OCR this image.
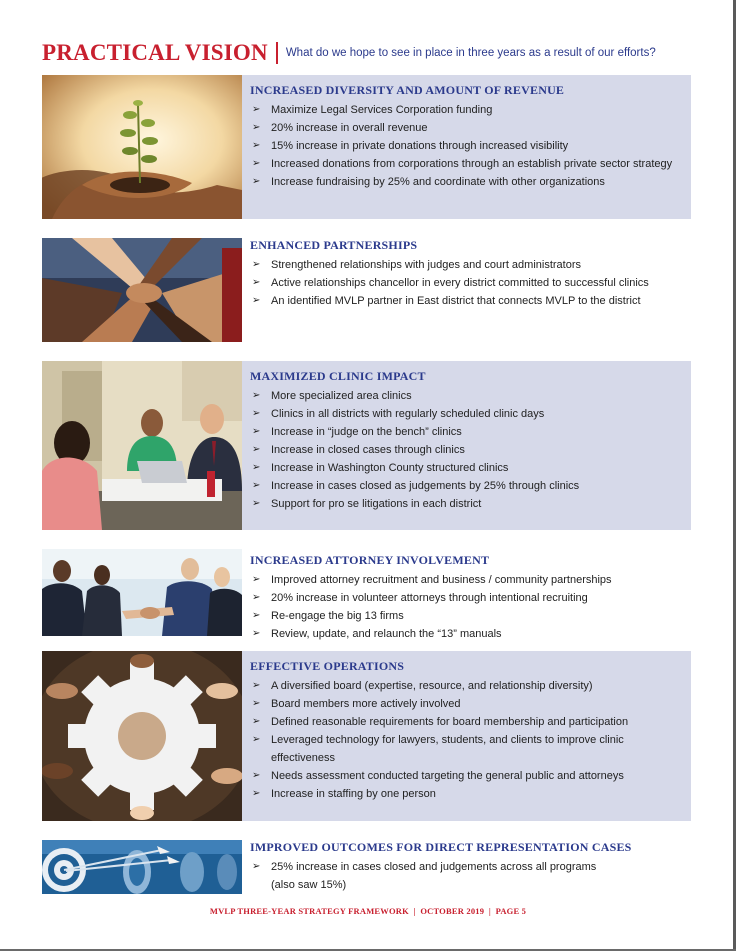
PRACTICAL VISION What do we hope to see in place in three years as a result of our efforts?
INCREASED DIVERSITY AND AMOUNT OF REVENUE
➢ Maximize Legal Services Corporation funding
➢ 20% increase in overall revenue
➢ 15% increase in private donations through increased visibility
➢ Increased donations from corporations through an establish private sector strategy
➢ Increase fundraising by 25% and coordinate with other organizations
ENHANCED PARTNERSHIPS
➢ Strengthened relationships with judges and court administrators
➢ Active relationships chancellor in every district committed to successful clinics
➢ An identified MVLP partner in East district that connects MVLP to the district
MAXIMIZED CLINIC IMPACT
➢ More specialized area clinics
➢ Clinics in all districts with regularly scheduled clinic days
➢ Increase in “judge on the bench” clinics
➢ Increase in closed cases through clinics
➢ Increase in Washington County structured clinics
➢ Increase in cases closed as judgements by 25% through clinics
➢ Support for pro se litigations in each district
INCREASED ATTORNEY INVOLVEMENT
➢ Improved attorney recruitment and business / community partnerships
➢ 20% increase in volunteer attorneys through intentional recruiting
➢ Re-engage the big 13 firms
➢ Review, update, and relaunch the “13” manuals
EFFECTIVE OPERATIONS
➢ A diversified board (expertise, resource, and relationship diversity)
➢ Board members more actively involved
➢ Defined reasonable requirements for board membership and participation
➢ Leveraged technology for lawyers, students, and clients to improve clinic effectiveness
➢ Needs assessment conducted targeting the general public and attorneys
➢ Increase in staffing by one person
IMPROVED OUTCOMES FOR DIRECT REPRESENTATION CASES
➢ 25% increase in cases closed and judgements across all programs (also saw 15%)
MVLP THREE-YEAR STRATEGY FRAMEWORK  |  OCTOBER 2019  |  PAGE 5
